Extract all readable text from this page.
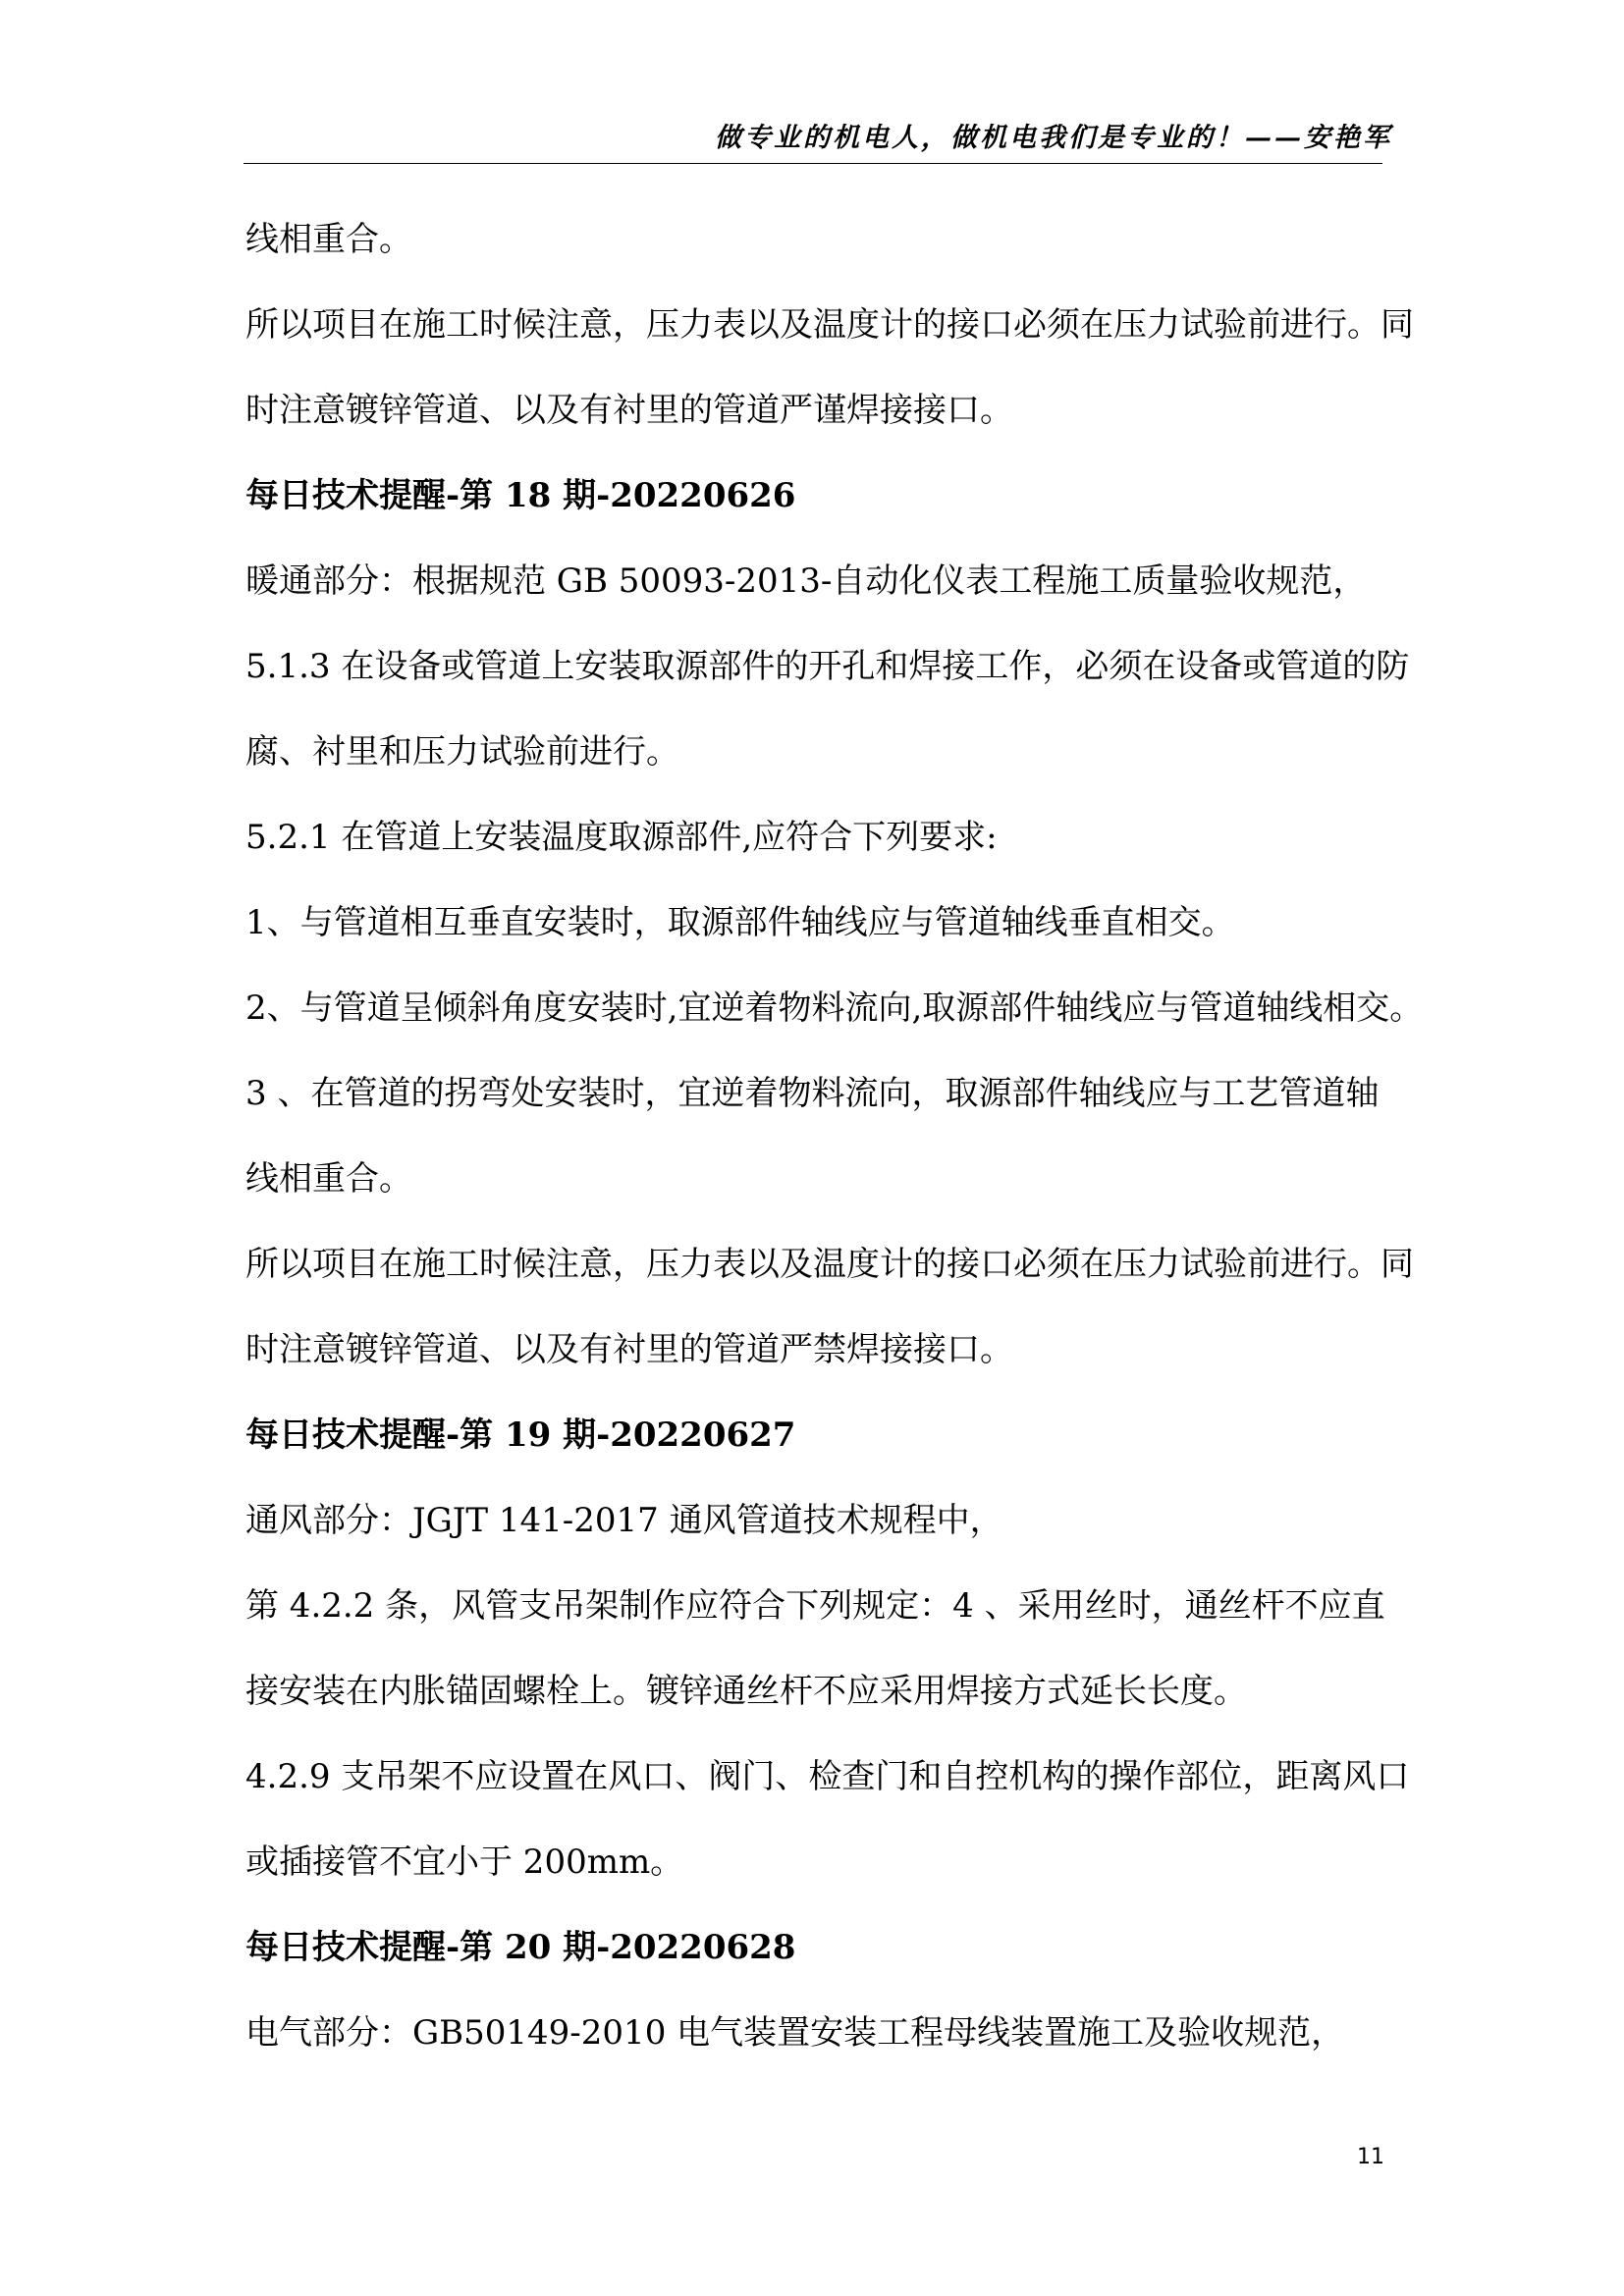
做专业的机电人，做机电我们是专业的！——安艳军
线相重合。
所以项目在施工时候注意，压力表以及温度计的接口必须在压力试验前进行。同
时注意镀锌管道、以及有衬里的管道严谨焊接接口。
每日技术提醒-第 18 期-20220626
暖通部分：根据规范 GB 50093-2013-自动化仪表工程施工质量验收规范，
5.1.3 在设备或管道上安装取源部件的开孔和焊接工作，必须在设备或管道的防
腐、衬里和压力试验前进行。
5.2.1 在管道上安装温度取源部件,应符合下列要求:
1、与管道相互垂直安装时，取源部件轴线应与管道轴线垂直相交。
2、与管道呈倾斜角度安装时,宜逆着物料流向,取源部件轴线应与管道轴线相交。
3 、在管道的拐弯处安装时，宜逆着物料流向，取源部件轴线应与工艺管道轴
线相重合。
所以项目在施工时候注意，压力表以及温度计的接口必须在压力试验前进行。同
时注意镀锌管道、以及有衬里的管道严禁焊接接口。
每日技术提醒-第 19 期-20220627
通风部分：JGJT 141-2017 通风管道技术规程中，
第 4.2.2 条，风管支吊架制作应符合下列规定：4 、采用丝时，通丝杆不应直
接安装在内胀锚固螺栓上。镀锌通丝杆不应采用焊接方式延长长度。
4.2.9 支吊架不应设置在风口、阀门、检查门和自控机构的操作部位，距离风口
或插接管不宜小于 200mm。
每日技术提醒-第 20 期-20220628
电气部分：GB50149-2010 电气装置安装工程母线装置施工及验收规范，
11
